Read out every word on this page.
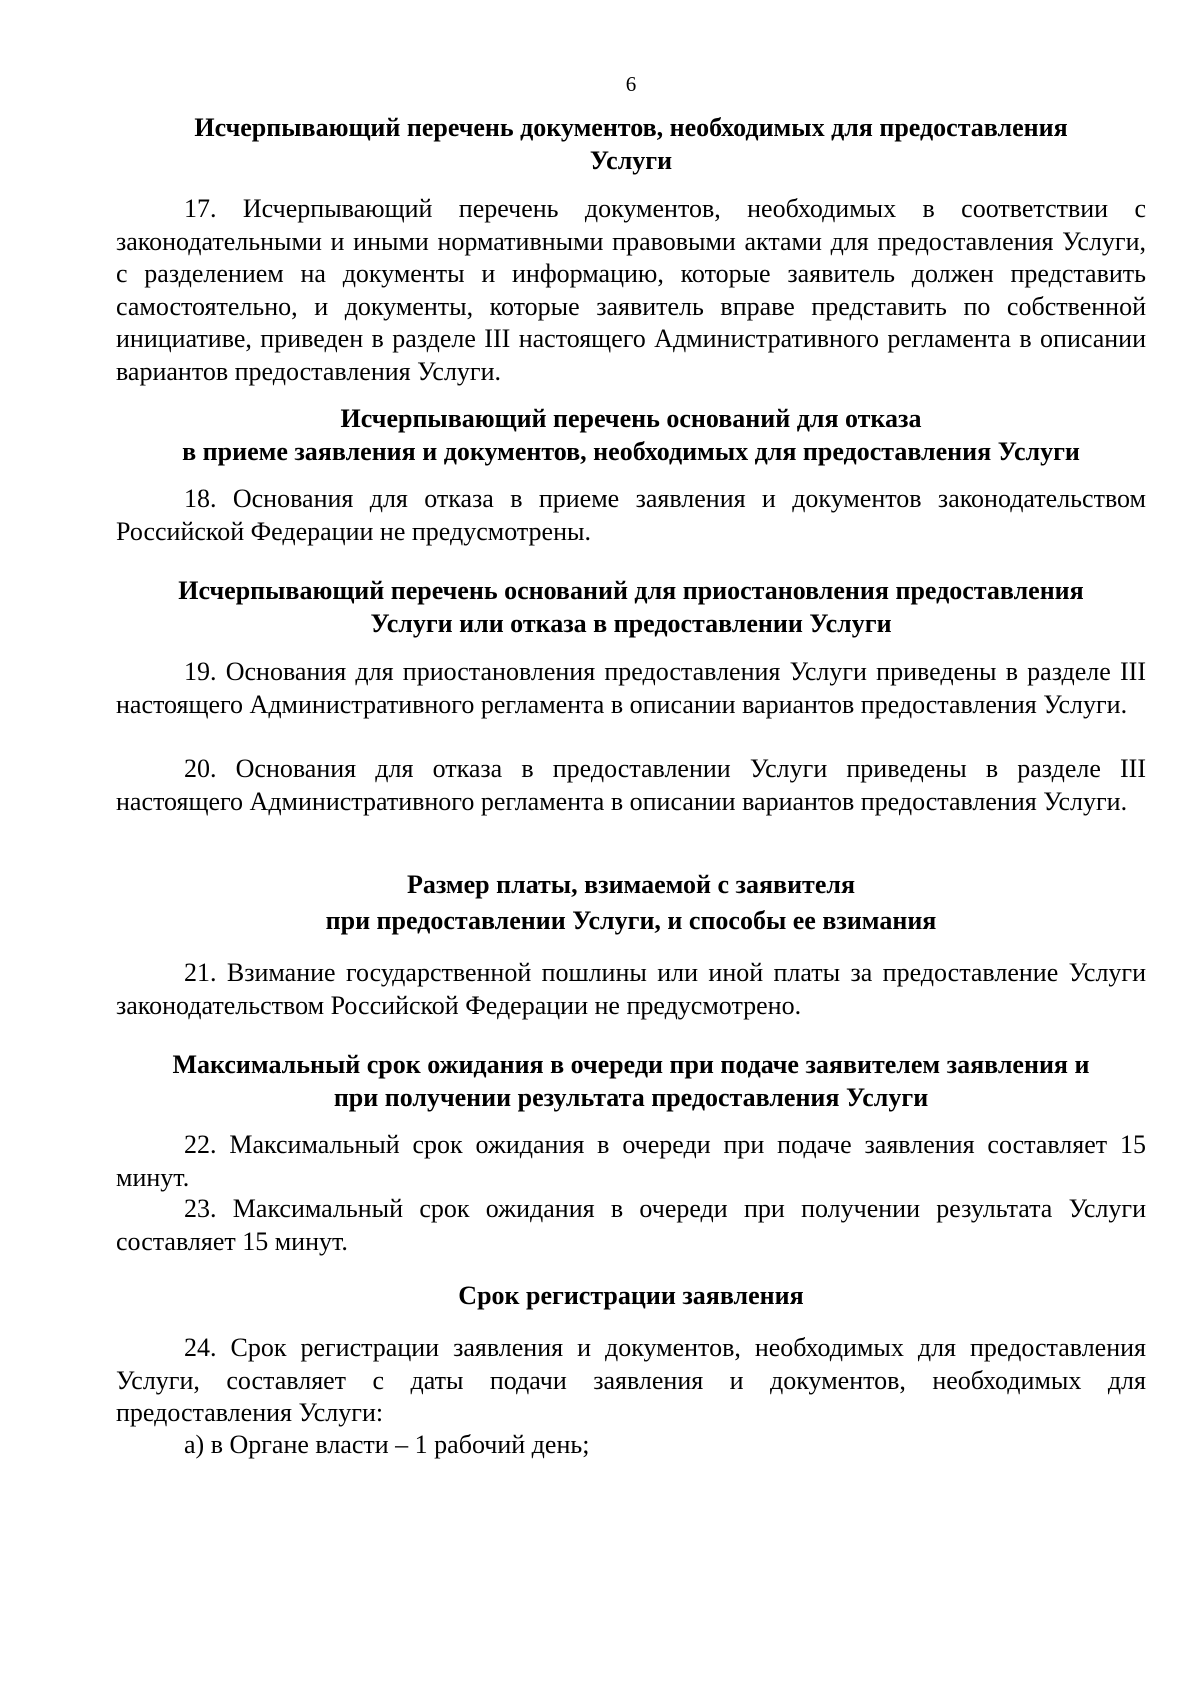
6
Исчерпывающий перечень документов, необходимых для предоставления
Услуги
17. Исчерпывающий перечень документов, необходимых в соответствии с законодательными и иными нормативными правовыми актами для предоставления Услуги, с разделением на документы и информацию, которые заявитель должен представить самостоятельно, и документы, которые заявитель вправе представить по собственной инициативе, приведен в разделе III настоящего Административного регламента в описании вариантов предоставления Услуги.
Исчерпывающий перечень оснований для отказа
в приеме заявления и документов, необходимых для предоставления Услуги
18. Основания для отказа в приеме заявления и документов законодательством Российской Федерации не предусмотрены.
Исчерпывающий перечень оснований для приостановления предоставления
Услуги или отказа в предоставлении Услуги
19. Основания для приостановления предоставления Услуги приведены в разделе III настоящего Административного регламента в описании вариантов предоставления Услуги.
20. Основания для отказа в предоставлении Услуги приведены в разделе III настоящего Административного регламента в описании вариантов предоставления Услуги.
Размер платы, взимаемой с заявителя
при предоставлении Услуги, и способы ее взимания
21. Взимание государственной пошлины или иной платы за предоставление Услуги законодательством Российской Федерации не предусмотрено.
Максимальный срок ожидания в очереди при подаче заявителем заявления и
при получении результата предоставления Услуги
22. Максимальный срок ожидания в очереди при подаче заявления составляет 15 минут.
23. Максимальный срок ожидания в очереди при получении результата Услуги составляет 15 минут.
Срок регистрации заявления
24. Срок регистрации заявления и документов, необходимых для предоставления Услуги, составляет с даты подачи заявления и документов, необходимых для предоставления Услуги:
а) в Органе власти – 1 рабочий день;
